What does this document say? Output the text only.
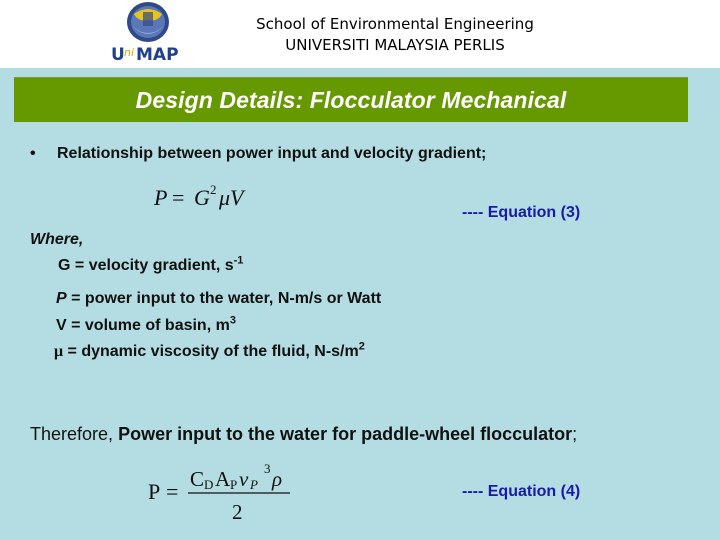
U ni MAP
School of Environmental Engineering
UNIVERSITI MALAYSIA PERLIS
Design Details: Flocculator Mechanical
• Relationship between power input and velocity gradient;
P = G 2 μV
---- Equation (3)
Where,
G = velocity gradient, $s^{-1}$
P = power input to the water, N-m/s or Watt
V = volume of basin, $m^3$
μ = dynamic viscosity of the fluid, $N-s/m^2$
Therefore, Power input to the water for paddle-wheel flocculator;
P = C D A P ν P
3 ρ
2
---- Equation (4)
